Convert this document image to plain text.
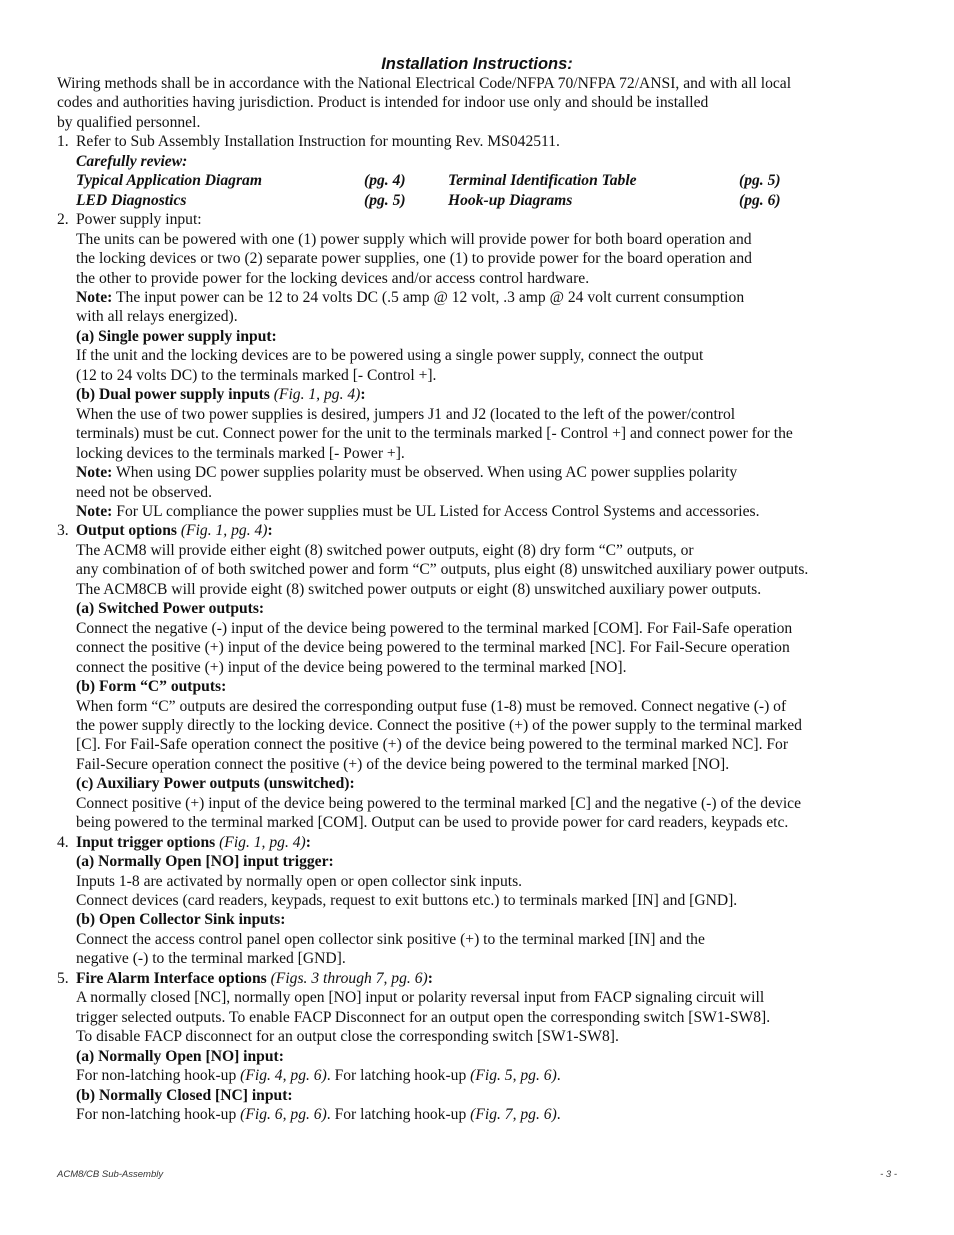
Installation Instructions:
Wiring methods shall be in accordance with the National Electrical Code/NFPA 70/NFPA 72/ANSI, and with all local
codes and authorities having jurisdiction. Product is intended for indoor use only and should be installed
by qualified personnel.
1. Refer to Sub Assembly Installation Instruction for mounting Rev. MS042511.
Carefully review:
Typical Application Diagram	(pg. 4)	Terminal Identification Table	(pg. 5)
LED Diagnostics	(pg. 5)	Hook-up Diagrams	(pg. 6)
2. Power supply input:
The units can be powered with one (1) power supply which will provide power for both board operation and
the locking devices or two (2) separate power supplies, one (1) to provide power for the board operation and
the other to provide power for the locking devices and/or access control hardware.
Note: The input power can be 12 to 24 volts DC (.5 amp @ 12 volt, .3 amp @ 24 volt current consumption
with all relays energized).
(a) Single power supply input:
If the unit and the locking devices are to be powered using a single power supply, connect the output
(12 to 24 volts DC) to the terminals marked [- Control +].
(b) Dual power supply inputs (Fig. 1, pg. 4):
When the use of two power supplies is desired, jumpers J1 and J2 (located to the left of the power/control
terminals) must be cut. Connect power for the unit to the terminals marked [- Control +] and connect power for the
locking devices to the terminals marked [- Power +].
Note: When using DC power supplies polarity must be observed. When using AC power supplies polarity
need not be observed.
Note: For UL compliance the power supplies must be UL Listed for Access Control Systems and accessories.
3. Output options (Fig. 1, pg. 4):
The ACM8 will provide either eight (8) switched power outputs, eight (8) dry form “C” outputs, or
any combination of of both switched power and form “C” outputs, plus eight (8) unswitched auxiliary power outputs.
The ACM8CB will provide eight (8) switched power outputs or eight (8) unswitched auxiliary power outputs.
(a) Switched Power outputs:
Connect the negative (-) input of the device being powered to the terminal marked [COM]. For Fail-Safe operation
connect the positive (+) input of the device being powered to the terminal marked [NC]. For Fail-Secure operation
connect the positive (+) input of the device being powered to the terminal marked [NO].
(b) Form “C” outputs:
When form “C” outputs are desired the corresponding output fuse (1-8) must be removed. Connect negative (-) of
the power supply directly to the locking device. Connect the positive (+) of the power supply to the terminal marked
[C]. For Fail-Safe operation connect the positive (+) of the device being powered to the terminal marked NC]. For
Fail-Secure operation connect the positive (+) of the device being powered to the terminal marked [NO].
(c) Auxiliary Power outputs (unswitched):
Connect positive (+) input of the device being powered to the terminal marked [C] and the negative (-) of the device
being powered to the terminal marked [COM]. Output can be used to provide power for card readers, keypads etc.
4. Input trigger options (Fig. 1, pg. 4):
(a) Normally Open [NO] input trigger:
Inputs 1-8 are activated by normally open or open collector sink inputs.
Connect devices (card readers, keypads, request to exit buttons etc.) to terminals marked [IN] and [GND].
(b) Open Collector Sink inputs:
Connect the access control panel open collector sink positive (+) to the terminal marked [IN] and the
negative (-) to the terminal marked [GND].
5. Fire Alarm Interface options (Figs. 3 through 7, pg. 6):
A normally closed [NC], normally open [NO] input or polarity reversal input from FACP signaling circuit will
trigger selected outputs. To enable FACP Disconnect for an output open the corresponding switch [SW1-SW8].
To disable FACP disconnect for an output close the corresponding switch [SW1-SW8].
(a) Normally Open [NO] input:
For non-latching hook-up (Fig. 4, pg. 6). For latching hook-up (Fig. 5, pg. 6).
(b) Normally Closed [NC] input:
For non-latching hook-up (Fig. 6, pg. 6). For latching hook-up (Fig. 7, pg. 6).
ACM8/CB Sub-Assembly	- 3 -
